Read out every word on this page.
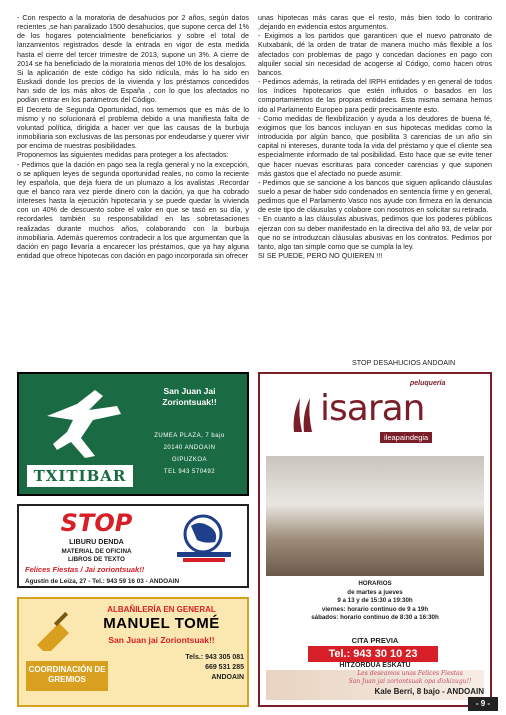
- Con respecto a la moratoria de desahucios por 2 años, según datos recientes ,se han paralizado 1500 desahucios, que supone cerca del 1% de los hogares potencialmente beneficiarios y sobre el total de lanzamientos registrados desde la entrada en vigor de esta medida hasta el cierre del tercer trimestre de 2013, supone un 3%. A cierre de 2014 se ha beneficiado de la moratoria menos del 10% de los desalojos.

Si la aplicación de este código ha sido ridícula, más lo ha sido en Euskadi donde los precios de la vivienda y los préstamos concedidos han sido de los más altos de España , con lo que los afectados no podían entrar en los parámetros del Código.

El Decreto de Segunda Oportunidad, nos tememos que es más de lo mismo y no solucionará el problema debido a una manifiesta falta de voluntad política, dirigida a hacer ver que las causas de la burbuja inmobiliaria son exclusivas de las personas por endeudarse y querer vivir por encima de nuestras posibilidades.

Proponemos las siguientes medidas para proteger a los afectados:

- Pedimos que la dación en pago sea la regla general y no la excepción, o se apliquen leyes de segunda oportunidad reales, no como la reciente ley española, que deja fuera de un plumazo a los avalistas .Recordar que el banco rara vez pierde dinero con la dación, ya que ha cobrado intereses hasta la ejecución hipotecaria y se puede quedar la vivienda con un 40% de descuento sobre el valor en que se tasó en su día, y recordarles también su responsabilidad en las sobretasaciones realizadas durante muchos años, colaborando con la burbuja inmobiliaria. Además queremos contradecir a los que argumentan que la dación en pago llevaría a encarecer los préstamos, que ya hay alguna entidad que ofrece hipotecas con dación en pago incorporada sin ofrecer

unas hipotecas más caras que el resto, más bien todo lo contrario ,dejando en evidencia estos argumentos.

- Exigimos a los partidos que garanticen que el nuevo patronato de Kutxabank, dé la orden de tratar de manera mucho más flexible a los afectados con problemas de pago y concedan daciones en pago con alquiler social sin necesidad de acogerse al Código, como hacen otros bancos.

- Pedimos además, la retirada del IRPH entidades y en general de todos los índices hipotecarios que estén influidos o basados en los comportamientos de las propias entidades. Esta misma semana hemos ido al Parlamento Europeo para pedir precisamente esto.

- Como medidas de flexibilización y ayuda a los deudores de buena fé, exigimos que los bancos incluyan en sus hipotecas medidas como la introducida por algún banco, que posibilita 3 carencias de un año sin capital ni intereses, durante toda la vida del préstamo y que el cliente sea especialmente informado de tal posibilidad. Esto hace que se evite tener que hacer nuevas escrituras para conceder carencias y que suponen más gastos que el afectado no puede asumir.

- Pedimos que se sancione a los bancos que siguen aplicando cláusulas suelo a pesar de haber sido condenados en sentencia firme y en general, pedimos que el Parlamento Vasco nos ayude con firmeza en la denuncia de este tipo de cláusulas y colabore con nosotros en solicitar su retirada.

- En cuanto a las cláusulas abusivas, pedimos que los poderes públicos ejerzan con su deber manifestado en la directiva del año 93, de velar por que no se introduzcan cláusulas abusivas en los contratos. Pedimos por tanto, algo tan simple como que se cumpla la ley.

SI SE PUEDE, PERO NO QUIEREN !!!

STOP DESAHUCIOS ANDOAIN
San Juan Jai Zoriontsuak!!
ZUMEA PLAZA, 7 bajo
20140 ANDOAIN
GIPUZKOA
TEL 943 570492
TXITIBAR
STOP
LIBURU DENDA
MATERIAL DE OFICINA
LIBROS DE TEXTO
Felices Fiestas / Jai zoriontsuak!!
Agustín de Leiza, 27 - Tel.: 943 59 16 03 - ANDOAIN
ALBAÑILERÍA EN GENERAL
MANUEL TOMÉ
San Juan jai Zoriontsuak!!
Tels.: 943 305 081
669 531 285
ANDOAIN
COORDINACIÓN DE GREMIOS
peluquería
isaran
ileapaindegia
HORARIOS
de martes a jueves
9 a 13 y de 15:30 a 19:30h
viernes: horario continuo de 9 a 19h
sábados: horario continuo de 8:30 a 16:30h
CITA PREVIA
Tel.: 943 30 10 23
HITZORDUA ESKATU
Les deseamos unas Felices Fiestas
San Juan jai zoriontsuak opa dizkizugu!!
Kale Berri, 8 bajo - ANDOAIN
- 9 -
